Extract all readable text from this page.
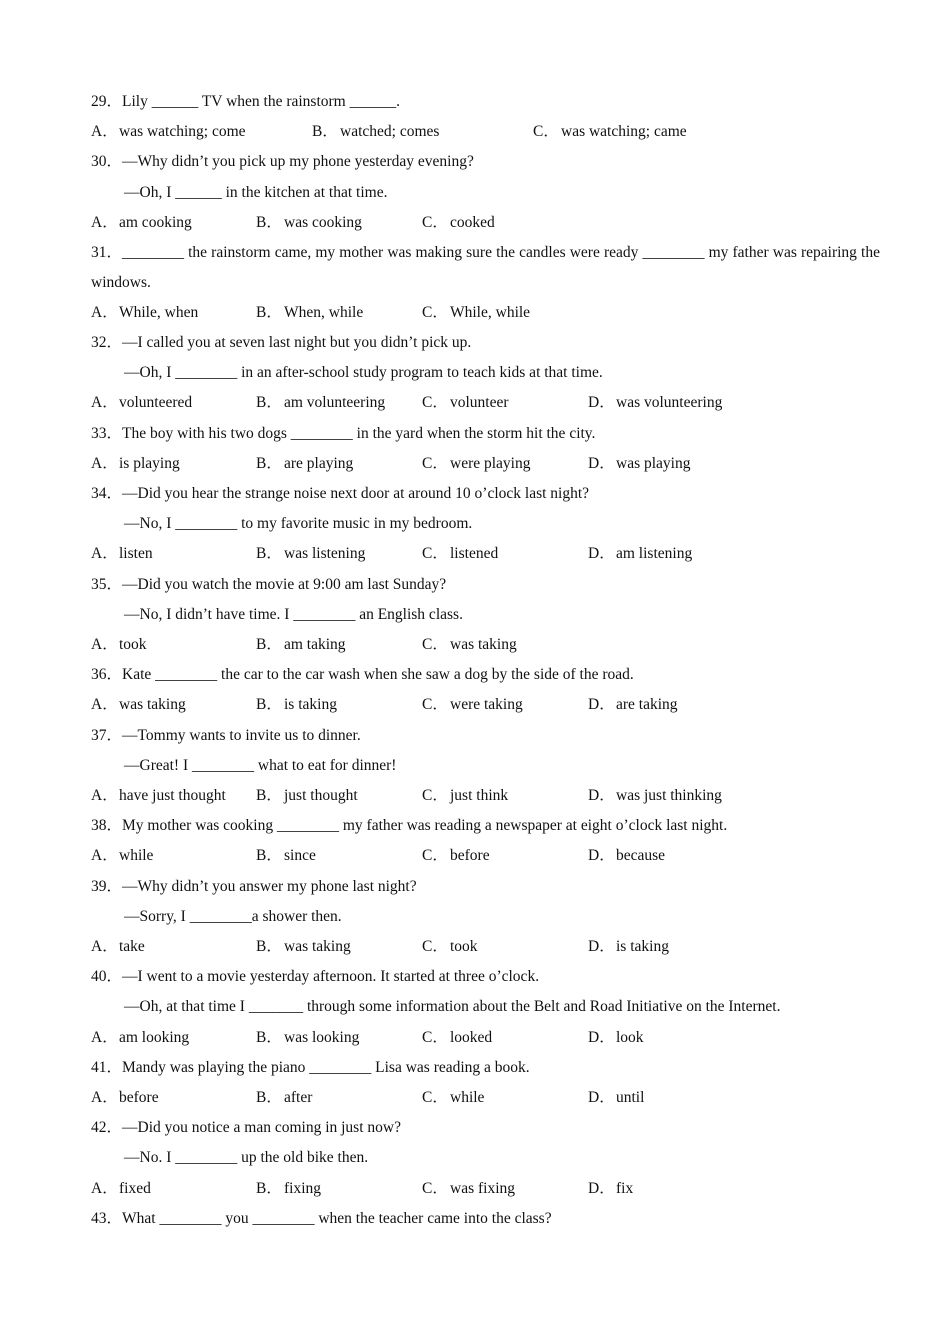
29．Lily ______ TV when the rainstorm ______.
A．was watching; come	B． watched; comes	C． was watching; came
30．—Why didn’t you pick up my phone yesterday evening?
—Oh, I ______ in the kitchen at that time.
A．am cooking	B． was cooking	C． cooked
31．________ the rainstorm came, my mother was making sure the candles were ready ________ my father was repairing the windows.
A．While, when	B． When, while	C． While, while
32．—I called you at seven last night but you didn’t pick up.
—Oh, I ________ in an after-school study program to teach kids at that time.
A．volunteered	B． am volunteering C． volunteer	D．was volunteering
33．The boy with his two dogs ________ in the yard when the storm hit the city.
A．is playing	B． are playing	C． were playing	D．was playing
34．—Did you hear the strange noise next door at around 10 o’clock last night?
—No, I ________ to my favorite music in my bedroom.
A．listen	B． was listening	C． listened	D．am listening
35．—Did you watch the movie at 9:00 am last Sunday?
—No, I didn’t have time. I ________ an English class.
A．took	B． am taking	C． was taking
36．Kate ________ the car to the car wash when she saw a dog by the side of the road.
A．was taking	B． is taking	C． were taking	D．are taking
37．—Tommy wants to invite us to dinner.
—Great! I ________ what to eat for dinner!
A．have just thought B． just thought	C． just think	D．was just thinking
38．My mother was cooking ________ my father was reading a newspaper at eight o’clock last night.
A．while	B． since	C． before	D．because
39．—Why didn’t you answer my phone last night?
—Sorry, I ________a shower then.
A．take	B． was taking	C． took	D．is taking
40．—I went to a movie yesterday afternoon. It started at three o’clock.
—Oh, at that time I _______ through some information about the Belt and Road Initiative on the Internet.
A．am looking	B． was looking	C． looked	D．look
41．Mandy was playing the piano ________ Lisa was reading a book.
A．before	B． after	C． while	D．until
42．—Did you notice a man coming in just now?
—No. I ________ up the old bike then.
A．fixed	B． fixing	C． was fixing	D．fix
43．What ________ you ________ when the teacher came into the class?
